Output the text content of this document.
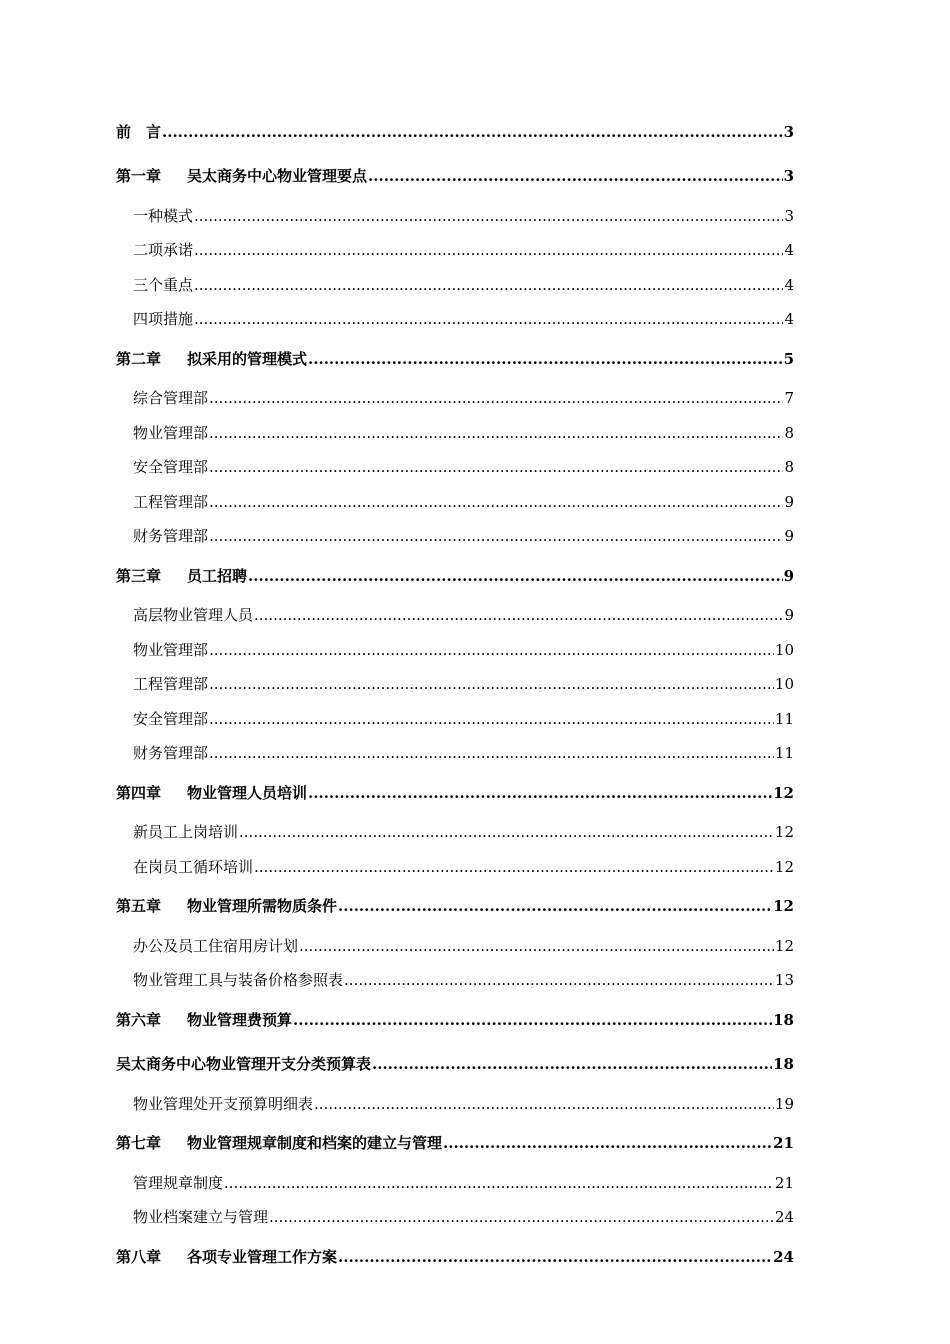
前　言 .....	3
第一章 吴太商务中心物业管理要点 .....	3
一种模式 .....	3
二项承诺 .....	4
三个重点 .....	4
四项措施 .....	4
第二章 拟采用的管理模式 .....	5
综合管理部 .....	7
物业管理部 .....	8
安全管理部 .....	8
工程管理部 .....	9
财务管理部 .....	9
第三章 员工招聘 .....	9
高层物业管理人员 .....	9
物业管理部 .....	10
工程管理部 .....	10
安全管理部 .....	11
财务管理部 .....	11
第四章 物业管理人员培训 .....	12
新员工上岗培训 .....	12
在岗员工循环培训 .....	12
第五章 物业管理所需物质条件 .....	12
办公及员工住宿用房计划 .....	12
物业管理工具与装备价格参照表 .....	13
第六章 物业管理费预算 .....	18
吴太商务中心物业管理开支分类预算表 .....	18
物业管理处开支预算明细表 .....	19
第七章 物业管理规章制度和档案的建立与管理 .....	21
管理规章制度 .....	21
物业档案建立与管理 .....	24
第八章 各项专业管理工作方案 .....	24
